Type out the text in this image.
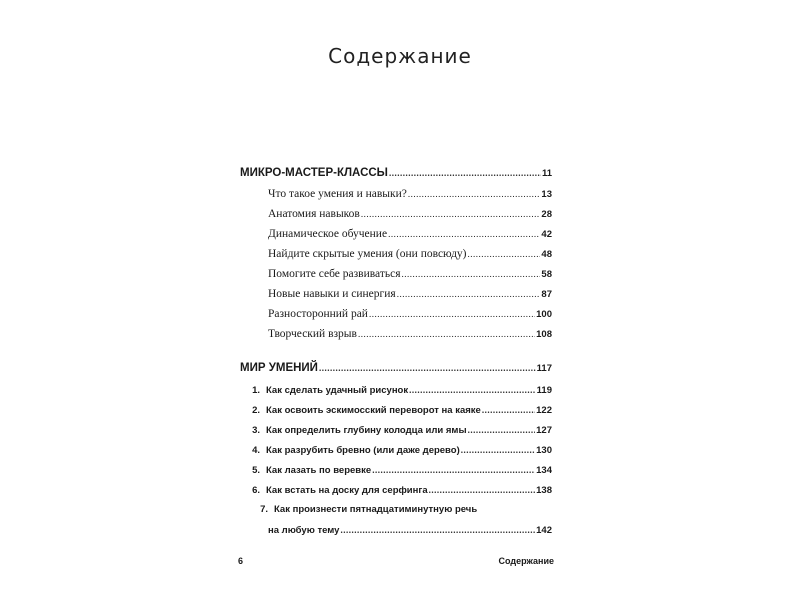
Содержание
МИКРО-МАСТЕР-КЛАССЫ .....	11
Что такое умения и навыки? .....	13
Анатомия навыков .....	28
Динамическое обучение .....	42
Найдите скрытые умения (они повсюду) .....	48
Помогите себе развиваться .....	58
Новые навыки и синергия .....	87
Разносторонний рай .....	100
Творческий взрыв .....	108
МИР УМЕНИЙ .....	117
1. Как сделать удачный рисунок .....	119
2. Как освоить эскимосский переворот на каяке .....	122
3. Как определить глубину колодца или ямы .....	127
4. Как разрубить бревно (или даже дерево) .....	130
5. Как лазать по веревке .....	134
6. Как встать на доску для серфинга .....	138
7. Как произнести пятнадцатиминутную речь
на любую тему .....	142
6	Содержание
